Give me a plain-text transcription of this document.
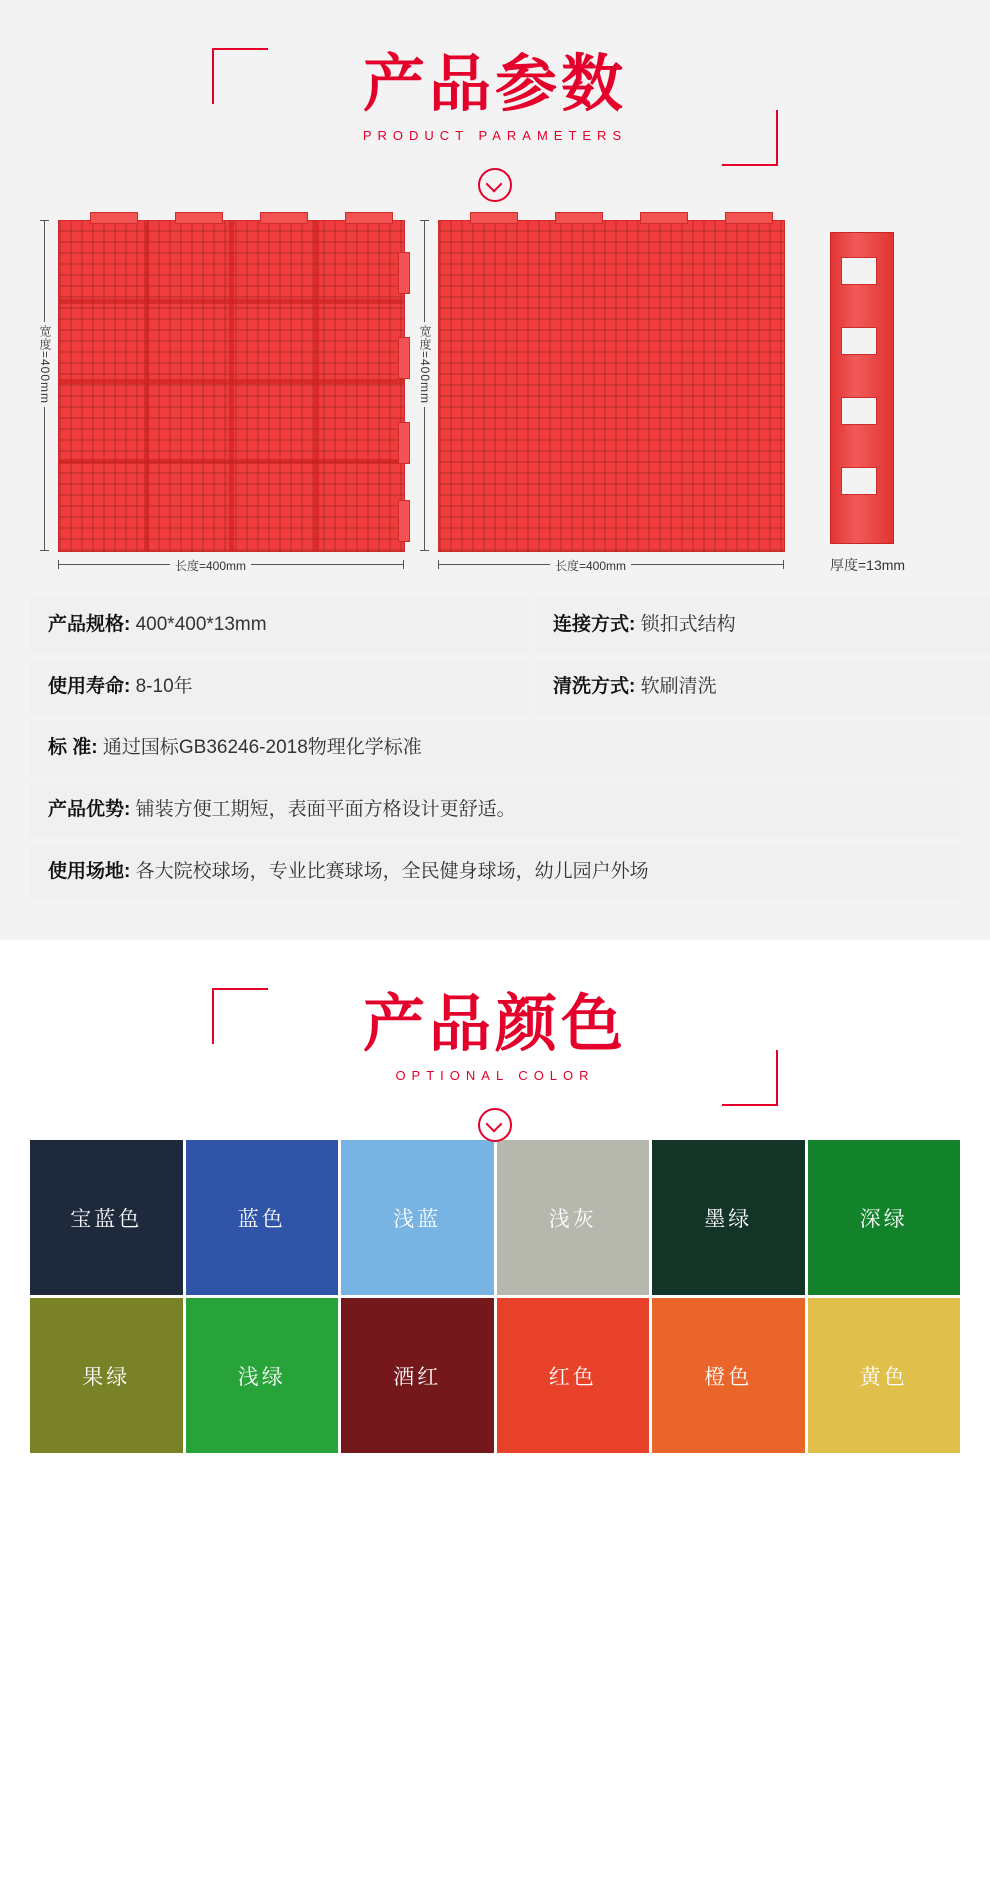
产品参数
PRODUCT PARAMETERS
宽度=400mm
长度=400mm
宽度=400mm
长度=400mm	厚度=13mm
产品规格: 400*400*13mm	连接方式: 锁扣式结构
使用寿命: 8-10年	清洗方式: 软刷清洗
标 准: 通过国标GB36246-2018物理化学标准
产品优势: 铺装方便工期短，表面平面方格设计更舒适。
使用场地: 各大院校球场，专业比赛球场，全民健身球场，幼儿园户外场
产品颜色
OPTIONAL COLOR
宝蓝色	蓝色	浅蓝	浅灰	墨绿	深绿
果绿	浅绿	酒红	红色	橙色	黄色
